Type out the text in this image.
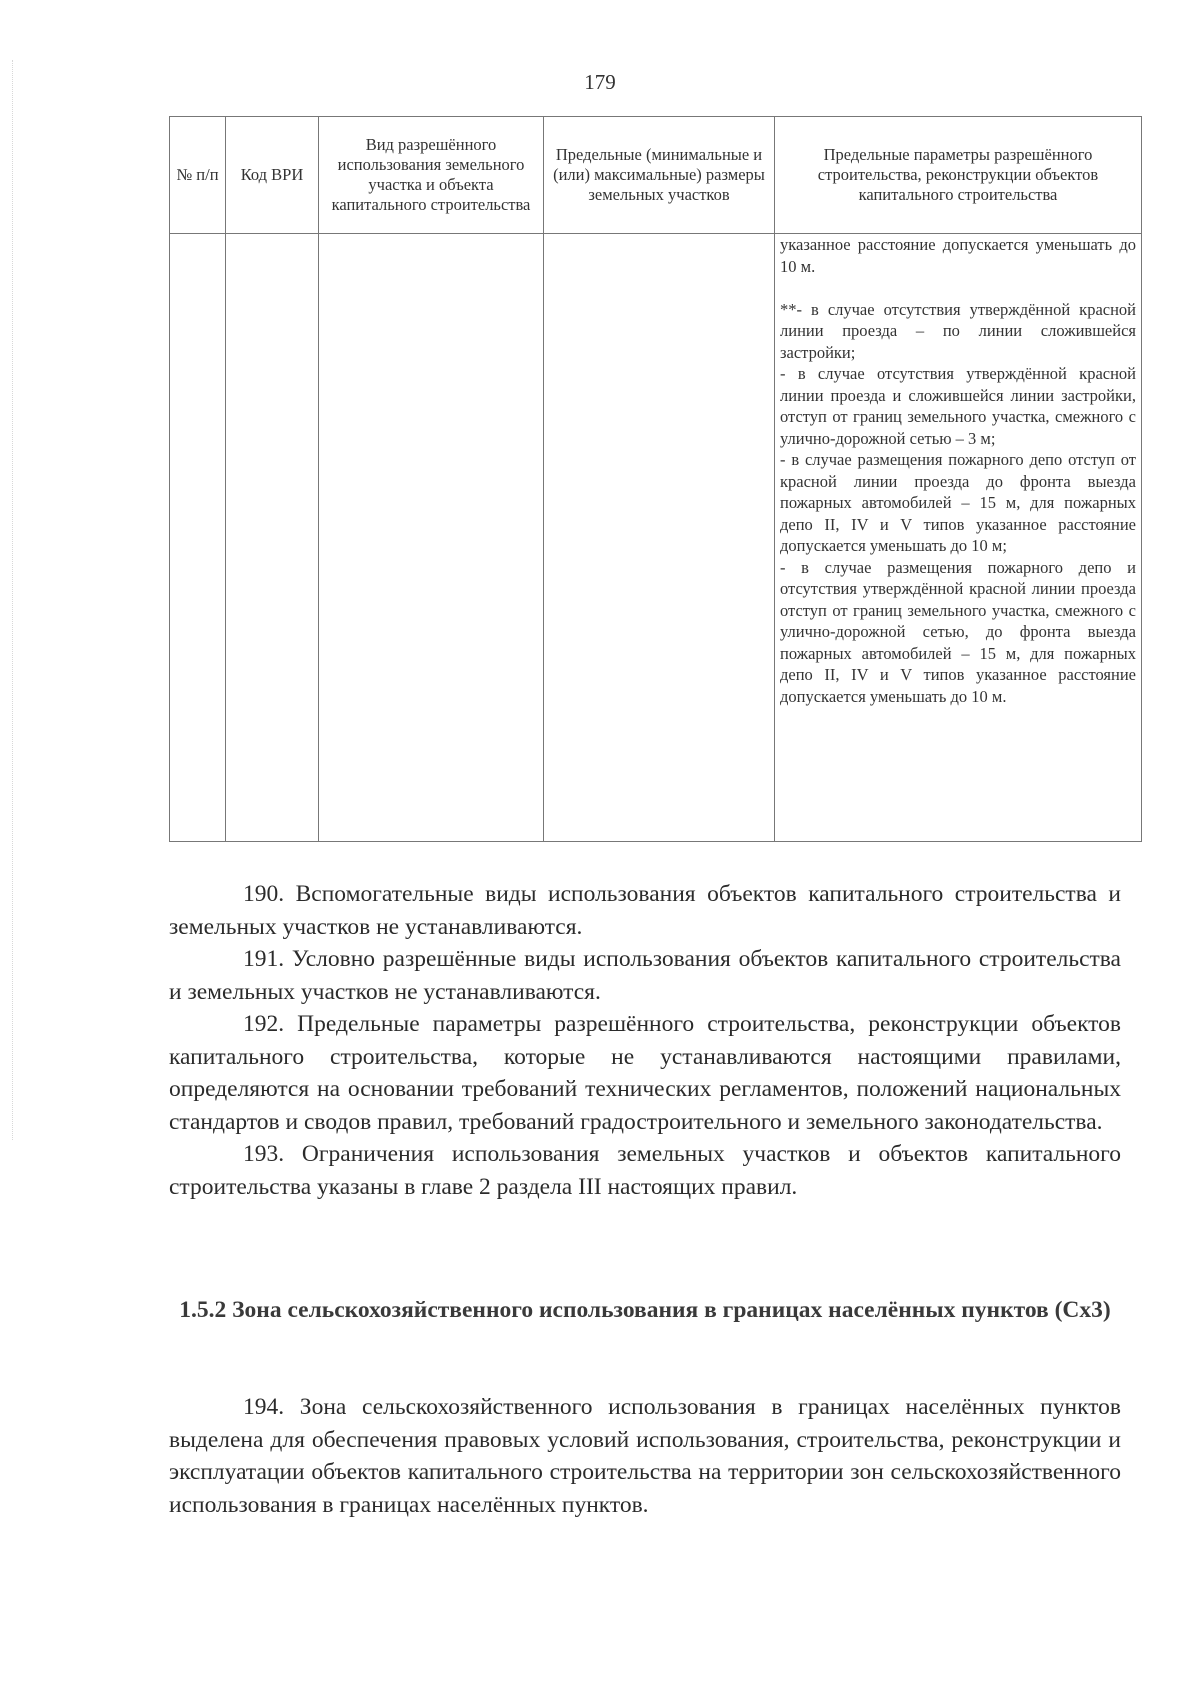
179
№ п/п	Код ВРИ	Вид разрешённого использования земельного участка и объекта капитального строительства	Предельные (минимальные и (или) максимальные) размеры земельных участков	Предельные параметры разрешённого строительства, реконструкции объектов капитального строительства

				указанное расстояние допускается уменьшать до 10 м.

**- в случае отсутствия утверждённой красной линии проезда – по линии сложившейся застройки;
- в случае отсутствия утверждённой красной линии проезда и сложившейся линии застройки, отступ от границ земельного участка, смежного с улично-дорожной сетью – 3 м;
- в случае размещения пожарного депо отступ от красной линии проезда до фронта выезда пожарных автомобилей – 15 м, для пожарных депо II, IV и V типов указанное расстояние допускается уменьшать до 10 м;
- в случае размещения пожарного депо и отсутствия утверждённой красной линии проезда отступ от границ земельного участка, смежного с улично-дорожной сетью, до фронта выезда пожарных автомобилей – 15 м, для пожарных депо II, IV и V типов указанное расстояние допускается уменьшать до 10 м.

190. Вспомогательные виды использования объектов капитального строительства и земельных участков не устанавливаются.

191. Условно разрешённые виды использования объектов капитального строительства и земельных участков не устанавливаются.

192. Предельные параметры разрешённого строительства, реконструкции объектов капитального строительства, которые не устанавливаются настоящими правилами, определяются на основании требований технических регламентов, положений национальных стандартов и сводов правил, требований градостроительного и земельного законодательства.

193. Ограничения использования земельных участков и объектов капитального строительства указаны в главе 2 раздела III настоящих правил.

1.5.2 Зона сельскохозяйственного использования в границах населённых пунктов (Сх3)

194. Зона сельскохозяйственного использования в границах населённых пунктов выделена для обеспечения правовых условий использования, строительства, реконструкции и эксплуатации объектов капитального строительства на территории зон сельскохозяйственного использования в границах населённых пунктов.
